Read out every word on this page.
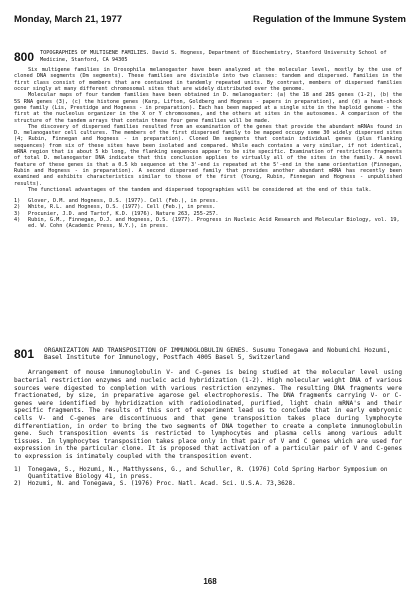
Monday, March 21, 1977	Regulation of the Immune System
800 TOPOGRAPHIES OF MULTIGENE FAMILIES. David S. Hogness, Department of Biochemistry, Stanford University School of Medicine, Stanford, CA 94305

Six multigene families in Drosophila melanogaster have been analyzed at the molecular level, mostly by the use of cloned DNA segments (Dm segments). These families are divisible into two classes: tandem and dispersed. Families in the first class consist of members that are contained in tandemly repeated units. By contrast, members of dispersed families occur singly at many different chromosomal sites that are widely distributed over the genome.

Molecular maps of four tandem families have been obtained in D. melanogaster: (a) the 18 and 28S genes (1-2), (b) the 5S RNA genes (3), (c) the histone genes (Karp, Lifton, Goldberg and Hogness - papers in preparation), and (d) a heat-shock gene family (Lis, Prestidge and Hogness - in preparation). Each has been mapped at a single site in the haploid genome - the first at the nucleolus organizer in the X or Y chromosomes, and the others at sites in the autosomes. A comparison of the structure of the tandem arrays that contain these four gene families will be made.

The discovery of dispersed families resulted from an examination of the genes that provide the abundant mRNAs found in D. melanogaster cell cultures. The members of the first dispersed family to be mapped occupy some 30 widely dispersed sites (4; Rubin, Finnegan and Hogness - in preparation). Cloned Dm segments that contain individual genes (plus flanking sequences) from six of these sites have been isolated and compared. While each contains a very similar, if not identical, mRNA region that is about 5 kb long, the flanking sequences appear to be site specific. Examination of restriction fragments of total D. melanogaster DNA indicate that this conclusion applies to virtually all of the sites in the family. A novel feature of these genes is that a 0.5 kb sequence at the 3'-end is repeated at the 5'-end in the same orientation (Finnegan, Rubin and Hogness - in preparation). A second dispersed family that provides another abundant mRNA has recently been examined and exhibits characteristics similar to those of the first (Young, Rubin, Finnegan and Hogness - unpublished results).

The functional advantages of the tandem and dispersed topographies will be considered at the end of this talk.

1)	Glover, D.M. and Hogness, D.S. (1977). Cell (Feb.), in press.
2)	White, R.L. and Hogness, D.S. (1977). Cell (Feb.), in press.
3)	Procunier, J.D. and Tartof, K.D. (1976). Nature 263, 255-257.
4)	Rubin, G.M., Finnegan, D.J. and Hogness, D.S. (1977). Progress in Nucleic Acid Research and Molecular Biology, vol. 19, ed. W. Cohn (Academic Press, N.Y.), in press.
801 ORGANIZATION AND TRANSPOSITION OF IMMUNOGLOBULIN GENES. Susumu Tonegawa and Nobumichi Hozumi, Basel Institute for Immunology, Postfach 4005 Basel 5, Switzerland

Arrangement of mouse immunoglobulin V- and C-genes is being studied at the molecular level using bacterial restriction enzymes and nucleic acid hybridization (1-2). High molecular weight DNA of various sources were digested to completion with various restriction enzymes. The resulting DNA fragments were fractionated, by size, in preparative agarose gel electrophoresis. The DNA fragments carrying V- or C-genes were identified by hybridization with radioiodinated, purified, light chain mRNA's and their specific fragments. The results of this sort of experiment lead us to conclude that in early embryonic cells V- and C-genes are discontinuous and that gene transposition takes place during lymphocyte differentiation, in order to bring the two segments of DNA together to create a complete immunoglobulin gene. Such transposition events is restricted to lymphocytes and plasma cells among various adult tissues. In lymphocytes transposition takes place only in that pair of V and C genes which are used for expression in the particular clone. It is proposed that activation of a particular pair of V and C-genes to expression is intimately coupled with the transposition event.

1)	Tonegawa, S., Hozumi, N., Matthyssens, G., and Schuller, R. (1976) Cold Spring Harbor Symposium on Quantitative Biology 41, in press.
2)	Hozumi, N. and Tonegawa, S. (1976) Proc. Natl. Acad. Sci. U.S.A. 73,3628.
168
